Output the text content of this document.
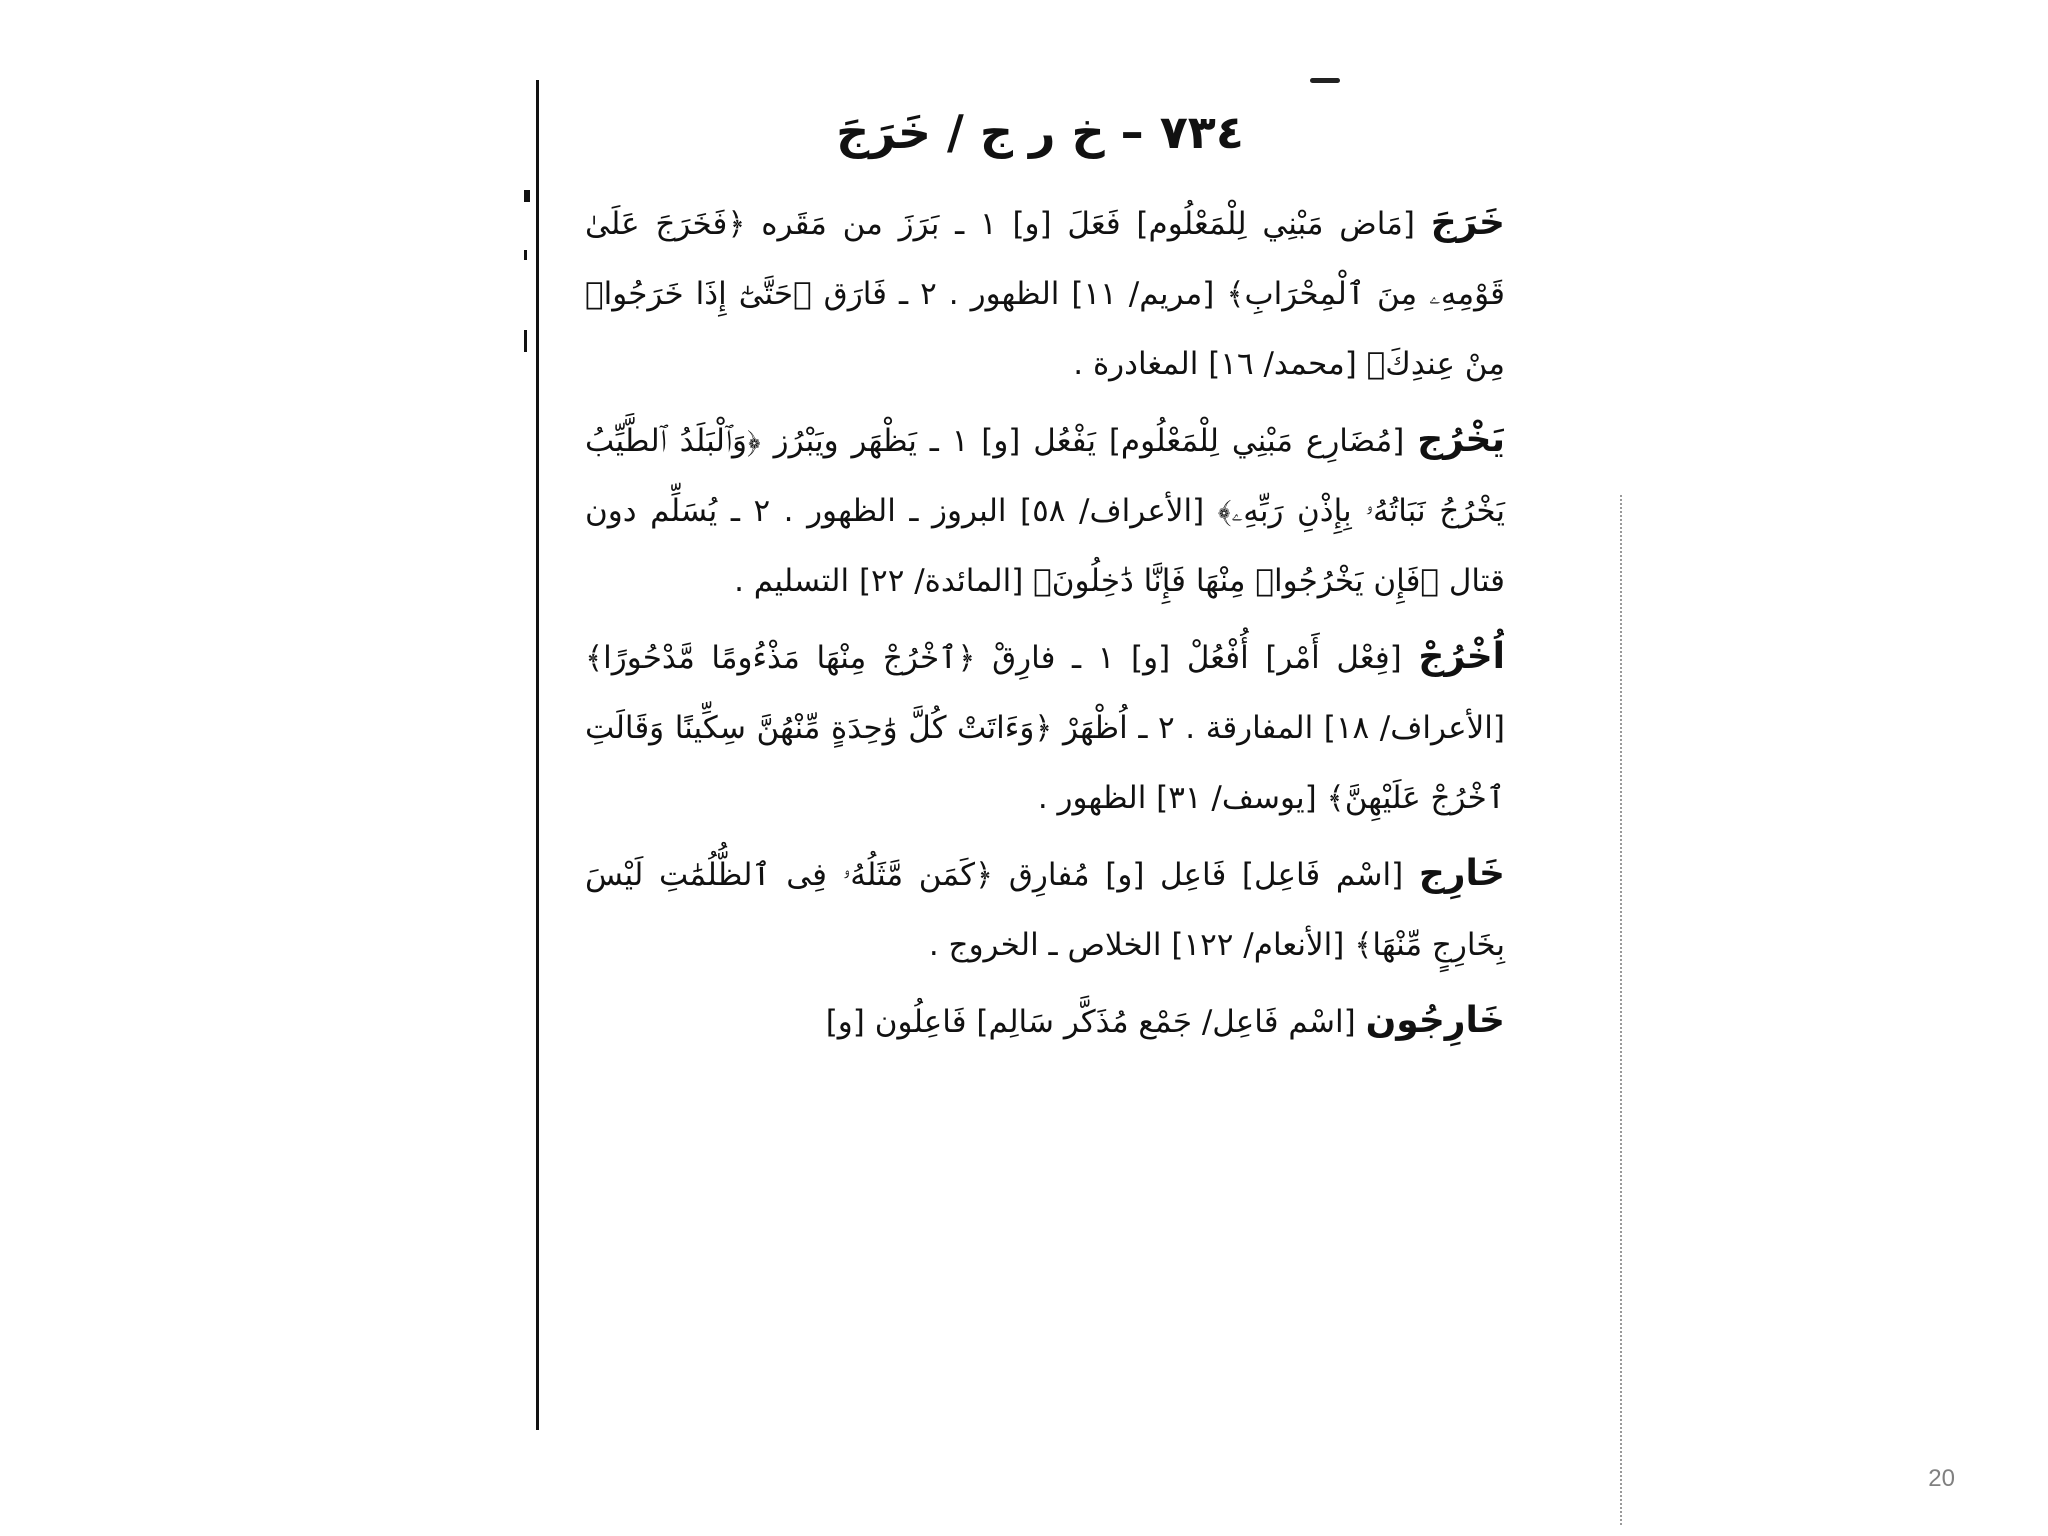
٧٣٤ – خ ر ج / خَرَجَ

خَرَجَ [مَاض مَبْنِي لِلْمَعْلُوم] فَعَلَ [و] ١ ـ بَرَزَ من مَقَره ﴿فَخَرَجَ عَلَىٰ قَوْمِهِۦ مِنَ ٱلْمِحْرَابِ﴾ [مريم/ ١١] الظهور . ٢ ـ فَارَق ﴿حَتَّىٰٓ إِذَا خَرَجُوا۟ مِنْ عِندِكَ﴾ [محمد/ ١٦] المغادرة .

يَخْرُج [مُضَارِع مَبْنِي لِلْمَعْلُوم] يَفْعُل [و] ١ ـ يَظْهَر ويَبْرُز ﴿وَٱلْبَلَدُ ٱلطَّيِّبُ يَخْرُجُ نَبَاتُهُۥ بِإِذْنِ رَبِّهِۦ﴾ [الأعراف/ ٥٨] البروز ـ الظهور . ٢ ـ يُسَلِّم دون قتال ﴿فَإِن يَخْرُجُوا۟ مِنْهَا فَإِنَّا دَٰخِلُونَ﴾ [المائدة/ ٢٢] التسليم .

اُخْرُجْ [فِعْل أَمْر] أُفْعُلْ [و] ١ ـ فارِقْ ﴿ٱخْرُجْ مِنْهَا مَذْءُومًا مَّدْحُورًا﴾ [الأعراف/ ١٨] المفارقة . ٢ ـ اُظْهَرْ ﴿وَءَاتَتْ كُلَّ وَٰحِدَةٍ مِّنْهُنَّ سِكِّينًا وَقَالَتِ ٱخْرُجْ عَلَيْهِنَّ﴾ [يوسف/ ٣١] الظهور .

خَارِج [اسْم فَاعِل] فَاعِل [و] مُفارِق ﴿كَمَن مَّثَلُهُۥ فِى ٱلظُّلُمَٰتِ لَيْسَ بِخَارِجٍ مِّنْهَا﴾ [الأنعام/ ١٢٢] الخلاص ـ الخروج .

خَارِجُون [اسْم فَاعِل/ جَمْع مُذَكَّر سَالِم] فَاعِلُون [و]

20
